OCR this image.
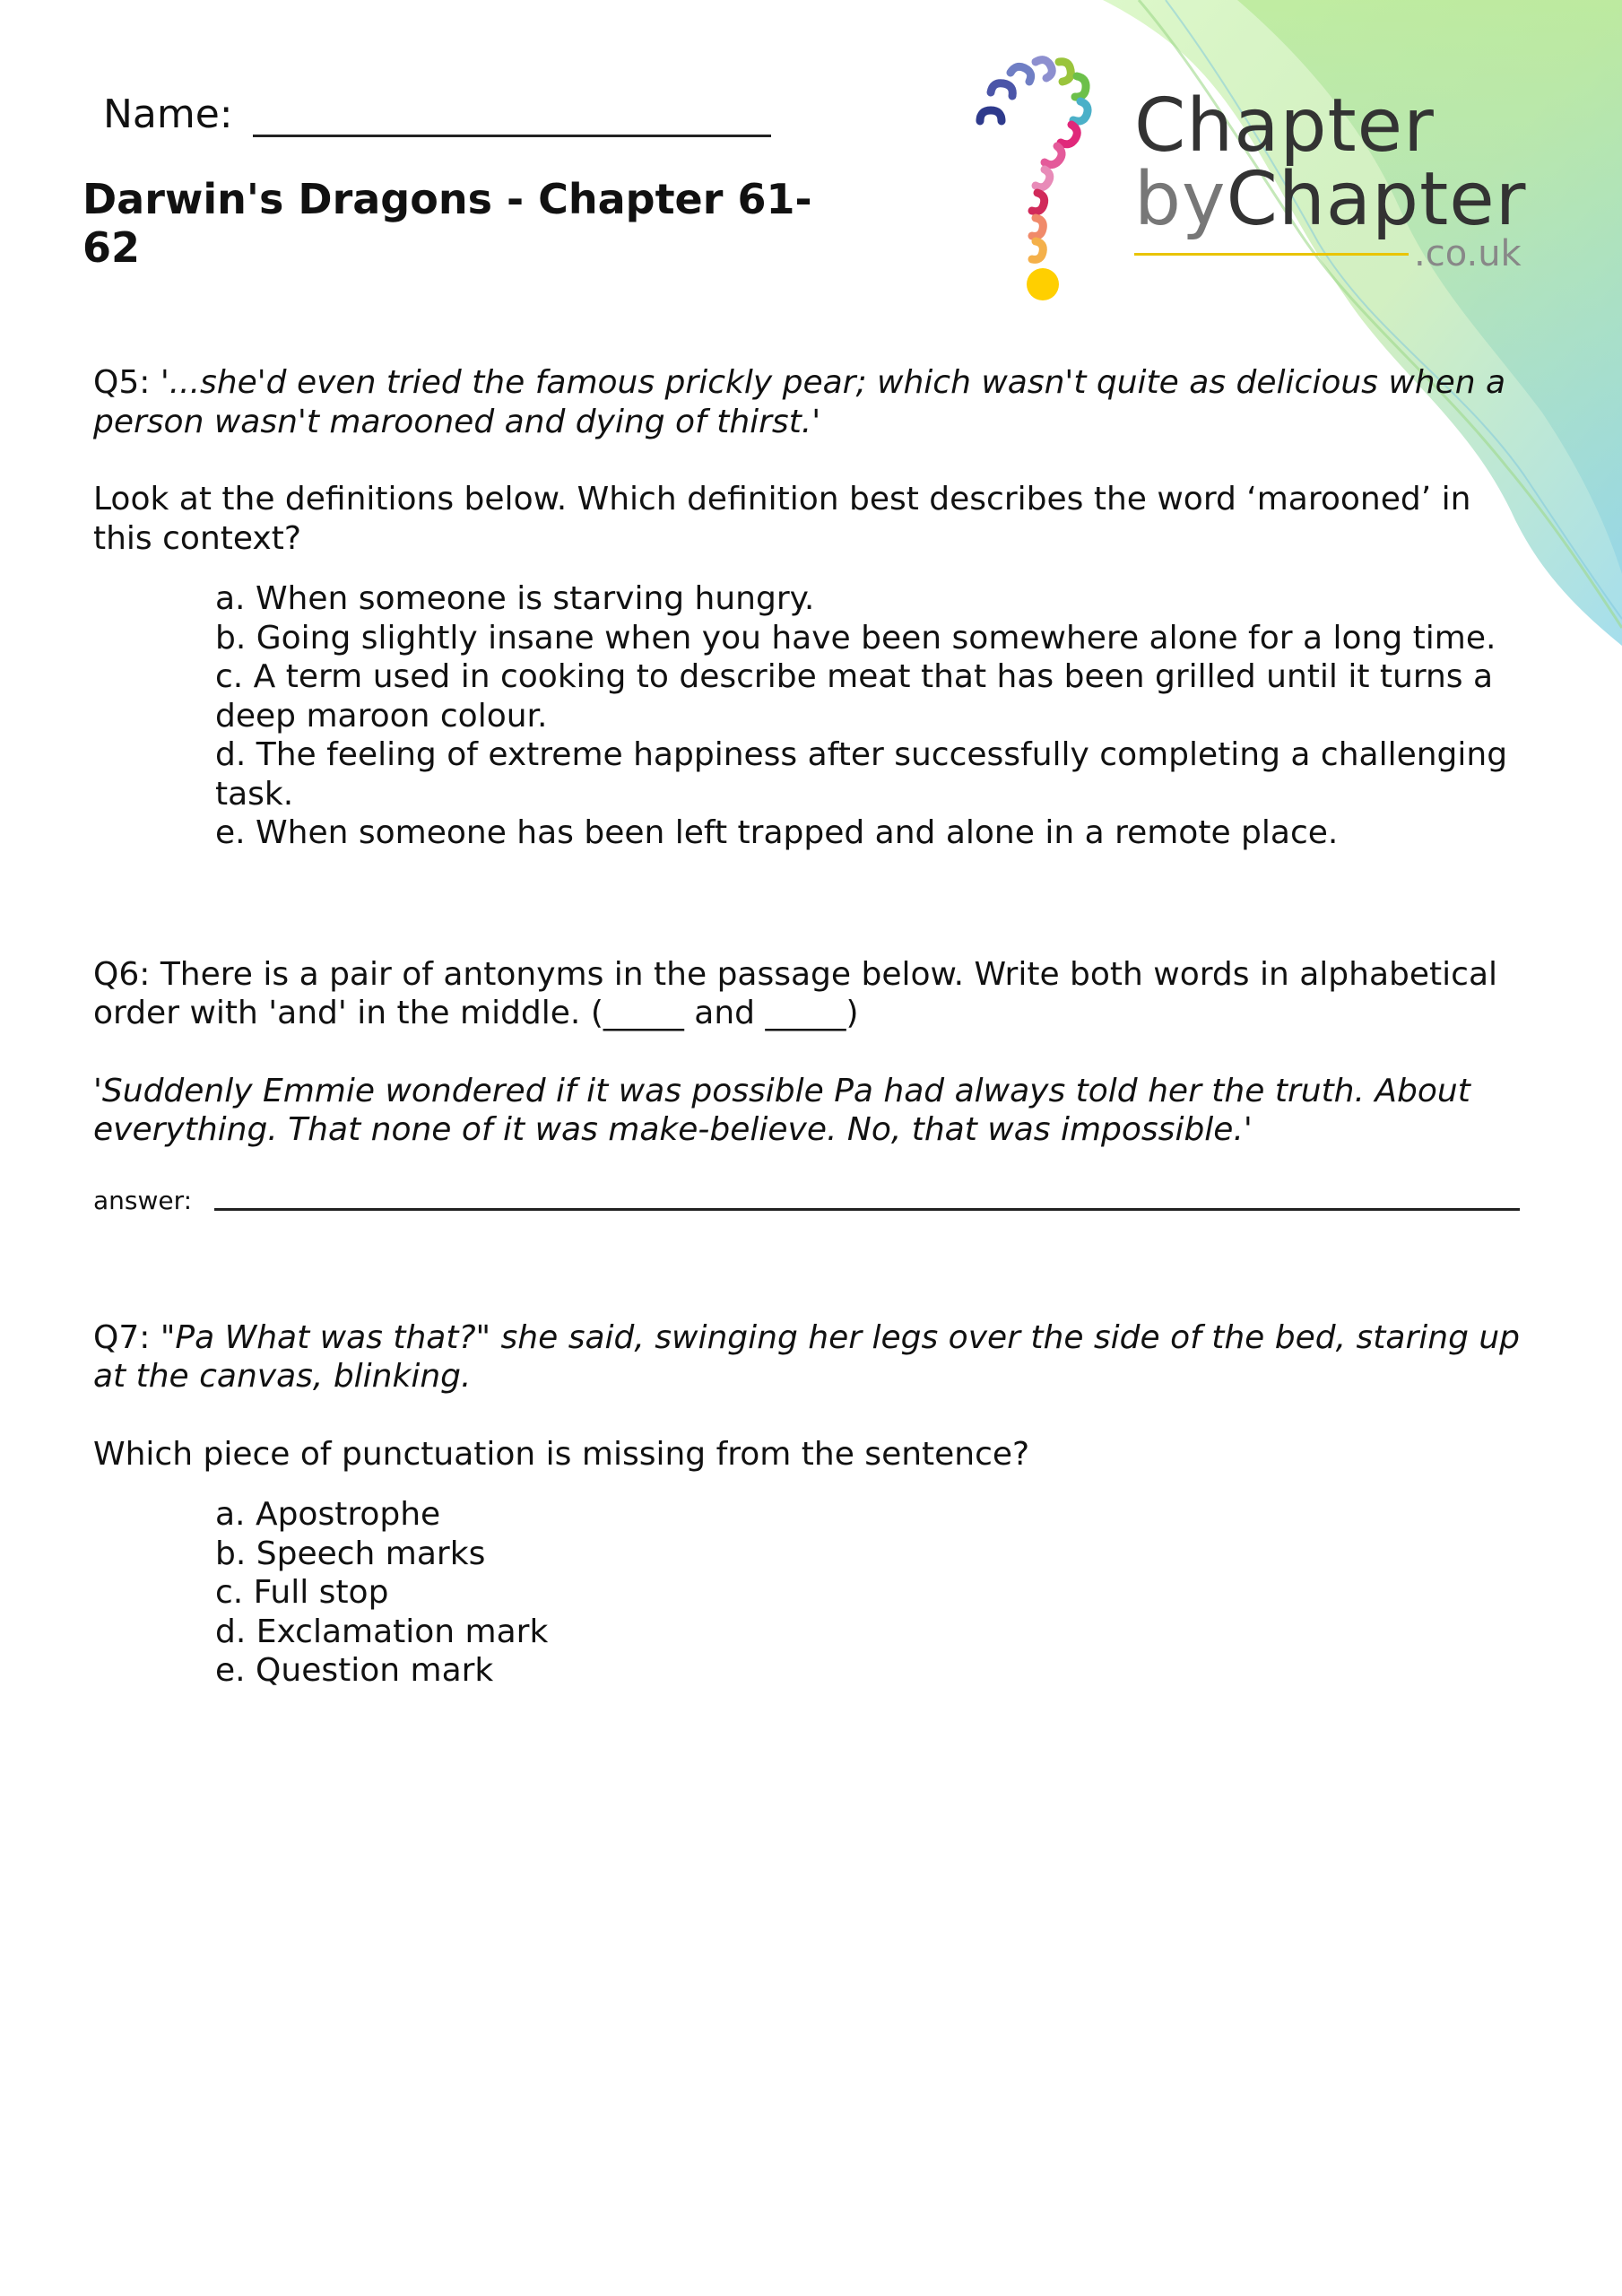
Name:
Darwin's Dragons - Chapter 61-62
Chapter
byChapter
.co.uk

Q5: '...she'd even tried the famous prickly pear; which wasn't quite as delicious when a person wasn't marooned and dying of thirst.'

Look at the definitions below. Which definition best describes the word ‘marooned’ in this context?

a. When someone is starving hungry.
b. Going slightly insane when you have been somewhere alone for a long time.
c. A term used in cooking to describe meat that has been grilled until it turns a deep maroon colour.
d. The feeling of extreme happiness after successfully completing a challenging task.
e. When someone has been left trapped and alone in a remote place.

Q6: There is a pair of antonyms in the passage below. Write both words in alphabetical order with 'and' in the middle. (_____ and _____)

'Suddenly Emmie wondered if it was possible Pa had always told her the truth. About everything. That none of it was make-believe. No, that was impossible.'

answer:

Q7: "Pa What was that?" she said, swinging her legs over the side of the bed, staring up at the canvas, blinking.

Which piece of punctuation is missing from the sentence?

a. Apostrophe
b. Speech marks
c. Full stop
d. Exclamation mark
e. Question mark
